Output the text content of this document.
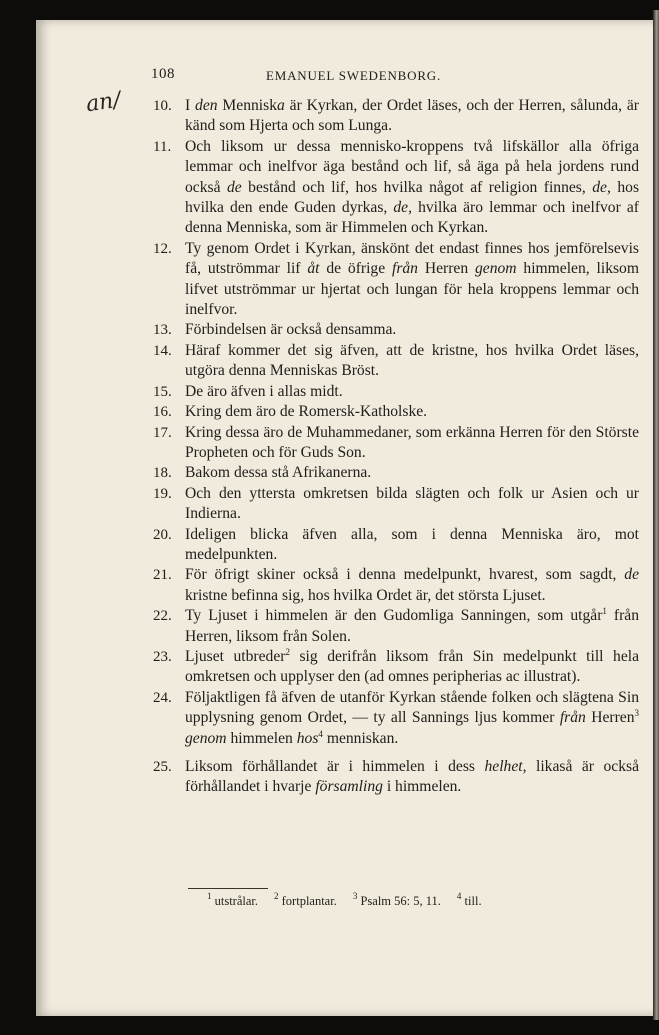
108	EMANUEL SWEDENBORG.
an/ 10. I den Menniska är Kyrkan, der Ordet läses, och der Herren, sålunda, är känd som Hjerta och som Lunga.
11. Och liksom ur dessa mennisko-kroppens två lifskällor alla öfriga lemmar och inelfvor äga bestånd och lif, så äga på hela jordens rund också de bestånd och lif, hos hvilka något af religion finnes, de, hos hvilka den ende Guden dyrkas, de, hvilka äro lemmar och inelfvor af denna Menniska, som är Himmelen och Kyrkan.
12. Ty genom Ordet i Kyrkan, änskönt det endast finnes hos jemförelsevis få, utströmmar lif åt de öfrige från Herren genom himmelen, liksom lifvet utströmmar ur hjertat och lungan för hela kroppens lemmar och inelfvor.
13. Förbindelsen är också densamma.
14. Häraf kommer det sig äfven, att de kristne, hos hvilka Ordet läses, utgöra denna Menniskas Bröst.
15. De äro äfven i allas midt.
16. Kring dem äro de Romersk-Katholske.
17. Kring dessa äro de Muhammedaner, som erkänna Herren för den Störste Propheten och för Guds Son.
18. Bakom dessa stå Afrikanerna.
19. Och den yttersta omkretsen bilda slägten och folk ur Asien och ur Indierna.
20. Ideligen blicka äfven alla, som i denna Menniska äro, mot medelpunkten.
21. För öfrigt skiner också i denna medelpunkt, hvarest, som sagdt, de kristne befinna sig, hos hvilka Ordet är, det största Ljuset.
22. Ty Ljuset i himmelen är den Gudomliga Sanningen, som utgår$^1$ från Herren, liksom från Solen.
23. Ljuset utbreder$^2$ sig derifrån liksom från Sin medelpunkt till hela omkretsen och upplyser den (ad omnes peripherias ac illustrat).
24. Följaktligen få äfven de utanför Kyrkan stående folken och slägtena Sin upplysning genom Ordet, — ty all Sannings ljus kommer från Herren$^3$ genom himmelen hos$^4$ menniskan.
25. Liksom förhållandet är i himmelen i dess helhet, likaså är också förhållandet i hvarje församling i himmelen.
$^1$ utstrålar. $^2$ fortplantar. $^3$ Psalm 56: 5, 11. $^4$ till.
